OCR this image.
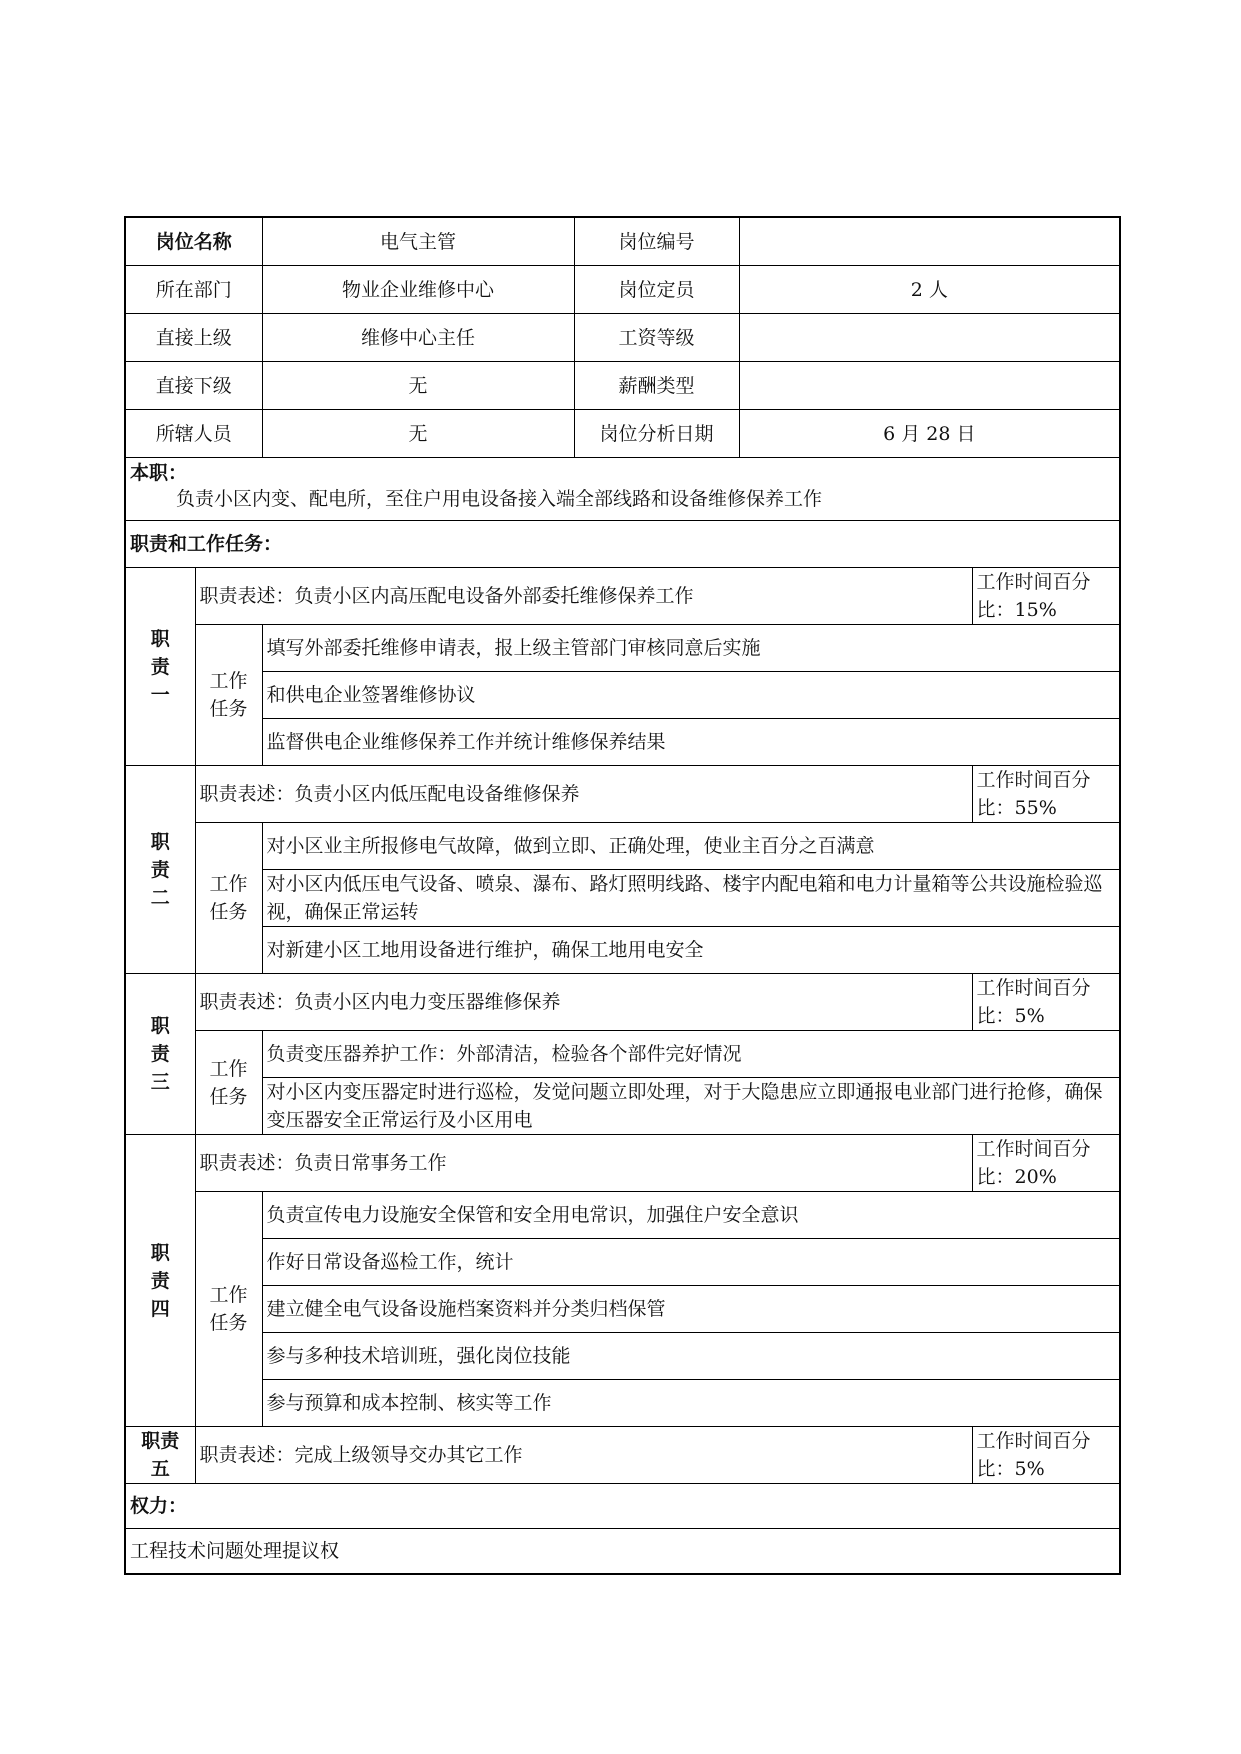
岗位名称		电气主管	岗位编号		
所在部门		物业企业维修中心	岗位定员	2 人	
直接上级		维修中心主任	工资等级		
直接下级		无	薪酬类型		
所辖人员		无	岗位分析日期	6 月 28 日	

本职：
负责小区内变、配电所，至住户用电设备接入端全部线路和设备维修保养工作					

职责和工作任务：					
职
责
一	职责表述：负责小区内高压配电设备外部委托维修保养工作				工作时间百分比：15%
	工作
任务	填写外部委托维修申请表，报上级主管部门审核同意后实施			
		和供电企业签署维修协议			
		监督供电企业维修保养工作并统计维修保养结果			
职
责
二	职责表述：负责小区内低压配电设备维修保养				工作时间百分比：55%
	工作
任务	对小区业主所报修电气故障，做到立即、正确处理，使业主百分之百满意			
		对小区内低压电气设备、喷泉、瀑布、路灯照明线路、楼宇内配电箱和电力计量箱等公共设施检验巡视，确保正常运转			
		对新建小区工地用设备进行维护，确保工地用电安全			
职
责
三	职责表述：负责小区内电力变压器维修保养				工作时间百分比：5%
	工作
任务	负责变压器养护工作：外部清洁，检验各个部件完好情况			
		对小区内变压器定时进行巡检，发觉问题立即处理，对于大隐患应立即通报电业部门进行抢修，确保变压器安全正常运行及小区用电			
职
责
四	职责表述：负责日常事务工作				工作时间百分比：20%
	工作
任务	负责宣传电力设施安全保管和安全用电常识，加强住户安全意识			
		作好日常设备巡检工作，统计			
		建立健全电气设备设施档案资料并分类归档保管			
		参与多种技术培训班，强化岗位技能			
		参与预算和成本控制、核实等工作			
职责
五	职责表述：完成上级领导交办其它工作				工作时间百分比：5%
权力：					
工程技术问题处理提议权					
